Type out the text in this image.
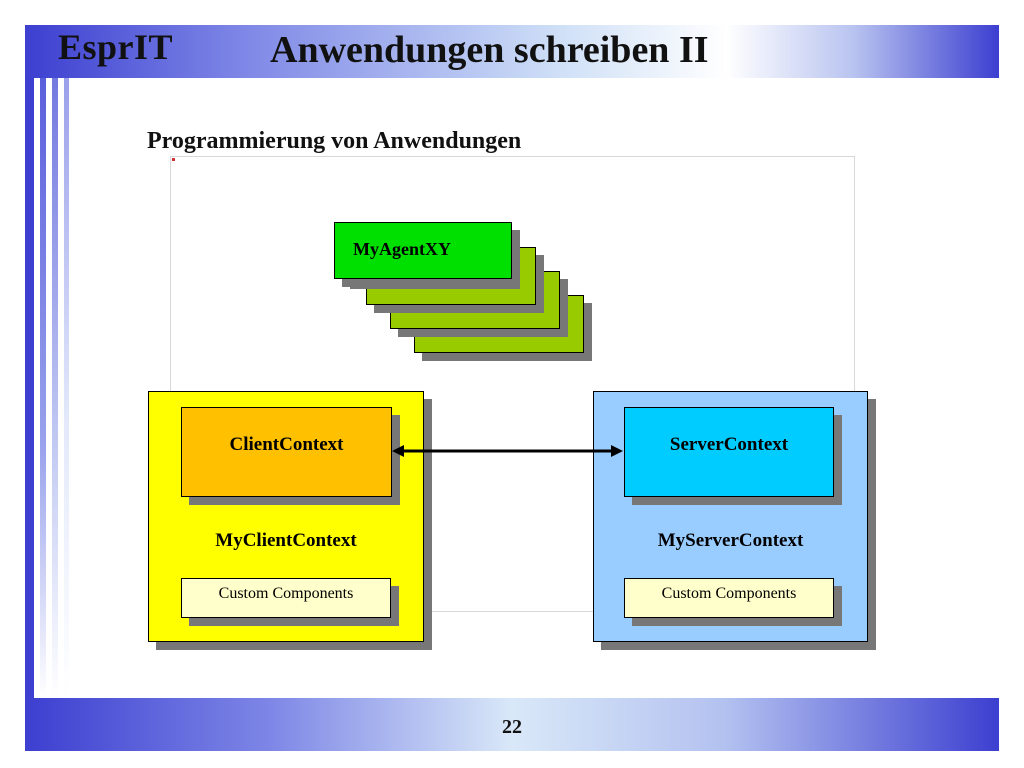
EsprIT	Anwendungen schreiben II
Programmierung von Anwendungen
MyAgentXY
ClientContext
MyClientContext
Custom Components
ServerContext
MyServerContext
Custom Components
22
